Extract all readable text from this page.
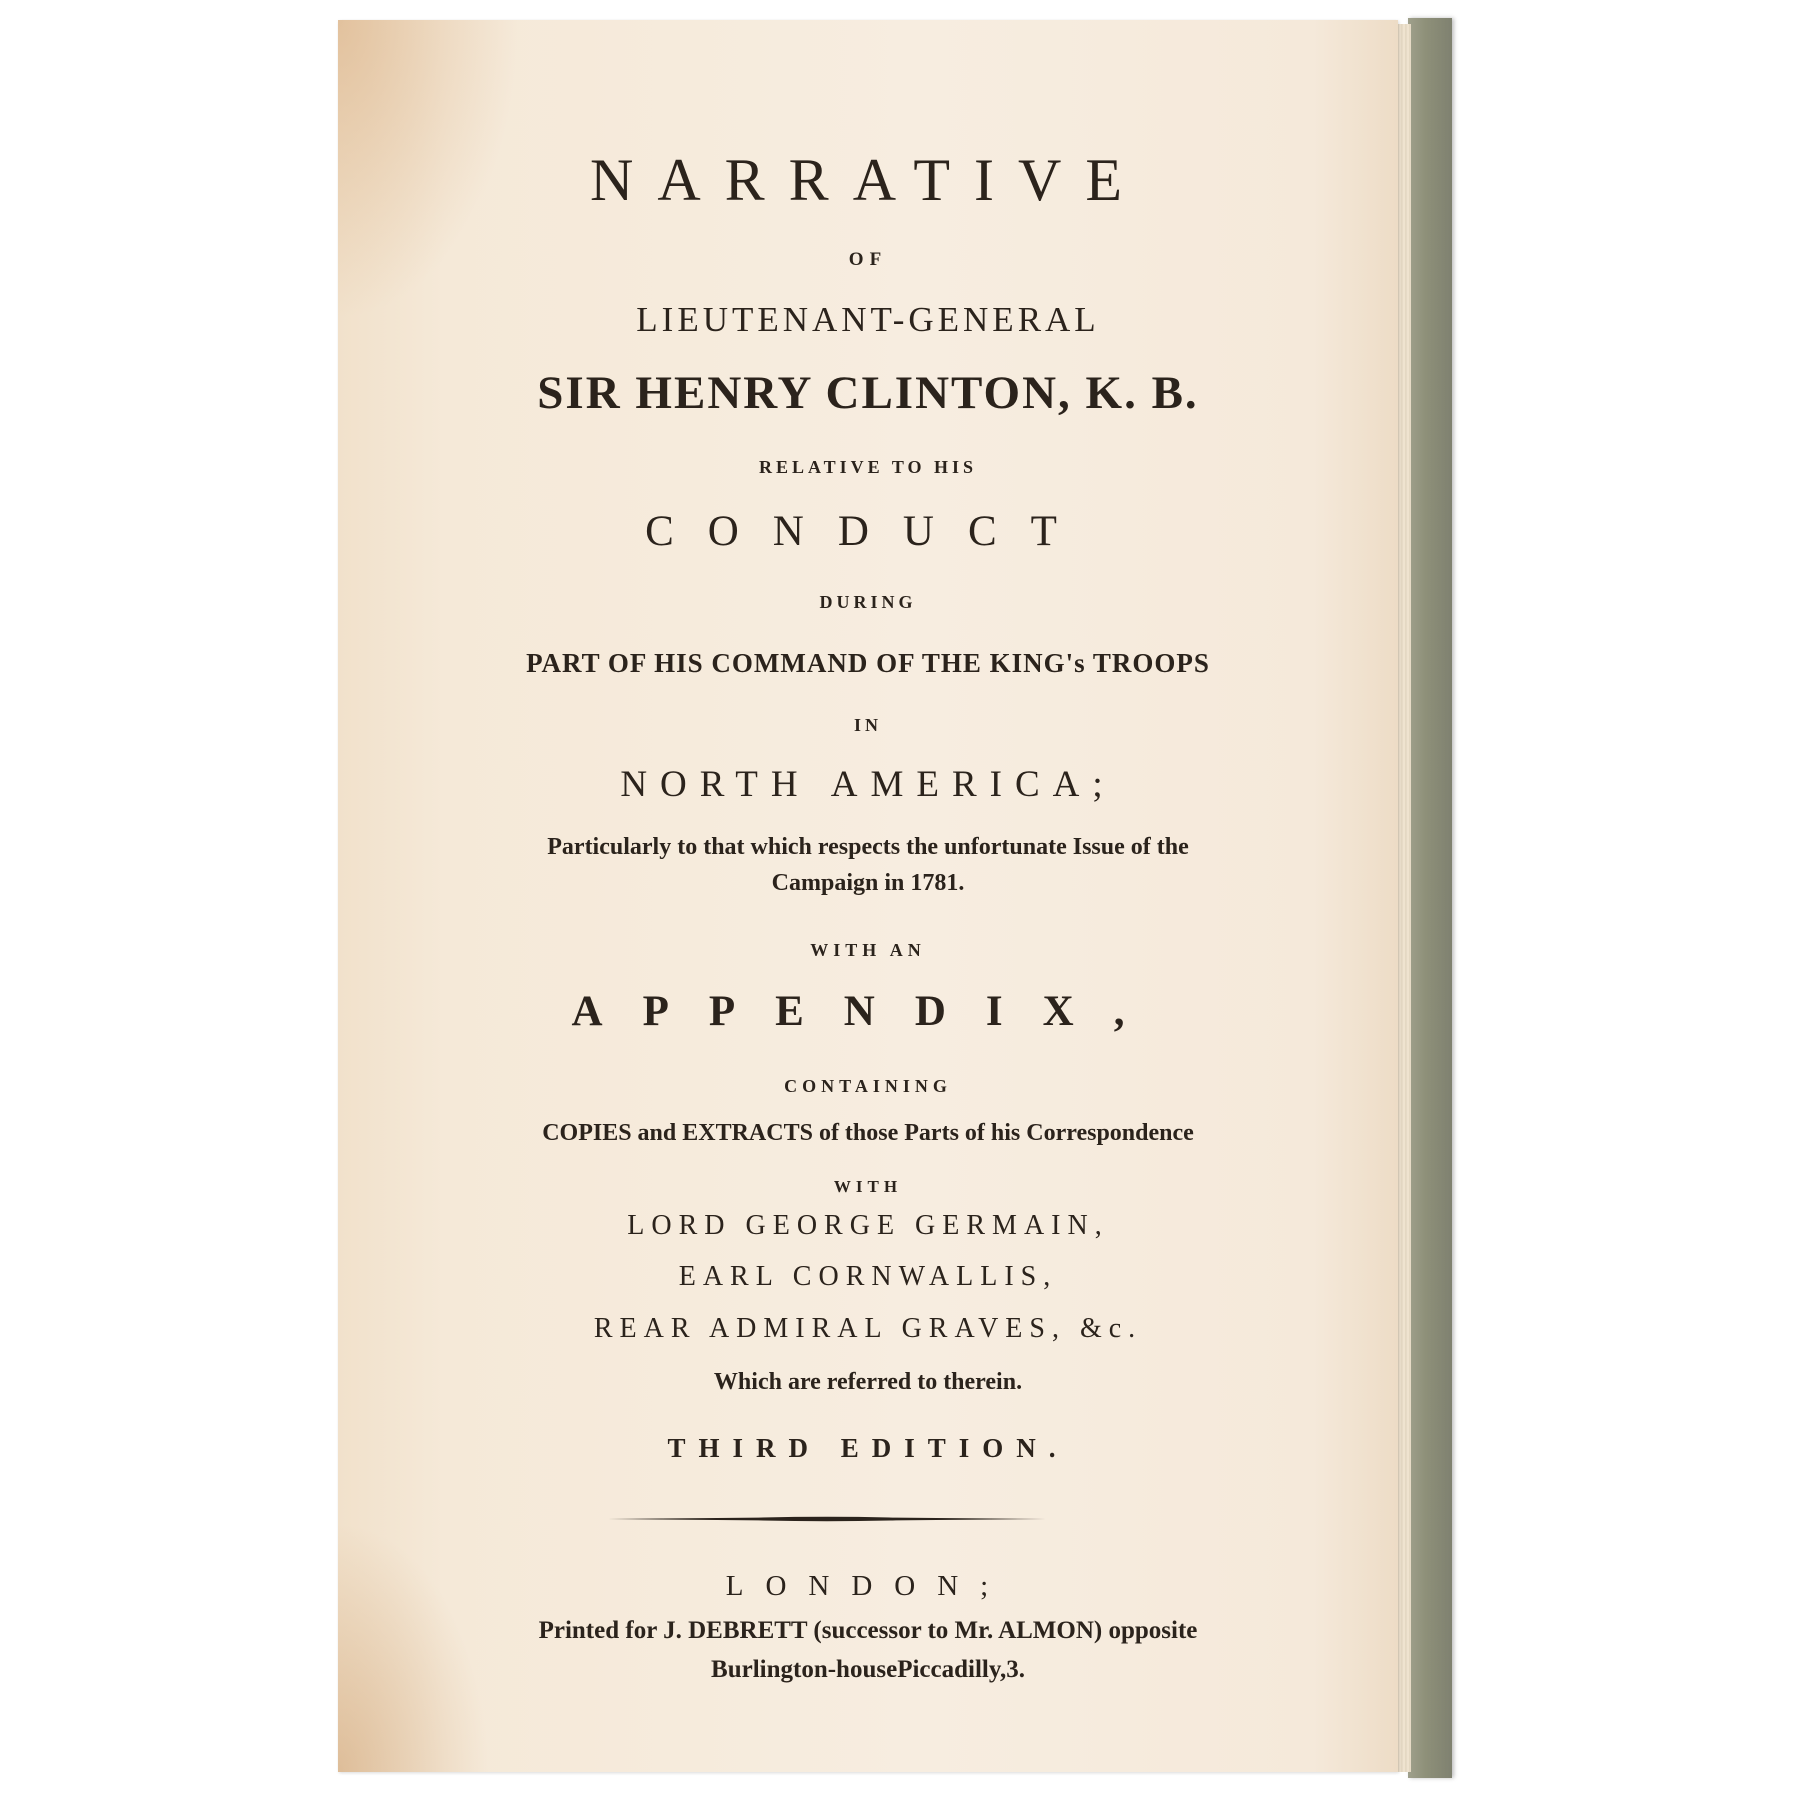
NARRATIVE
OF
LIEUTENANT-GENERAL
SIR HENRY CLINTON, K. B.
RELATIVE TO HIS
CONDUCT
DURING
PART OF HIS COMMAND OF THE KING's TROOPS
IN
NORTH AMERICA;
Particularly to that which respects the unfortunate Issue of the
Campaign in 1781.
WITH AN
APPENDIX,
CONTAINING
COPIES and EXTRACTS of those Parts of his Correspondence
WITH
LORD GEORGE GERMAIN,
EARL CORNWALLIS,
REAR ADMIRAL GRAVES, &c.
Which are referred to therein.
THIRD EDITION.
LONDON;
Printed for J. DEBRETT (successor to Mr. ALMON) opposite
Burlington-housePiccadilly,3.
